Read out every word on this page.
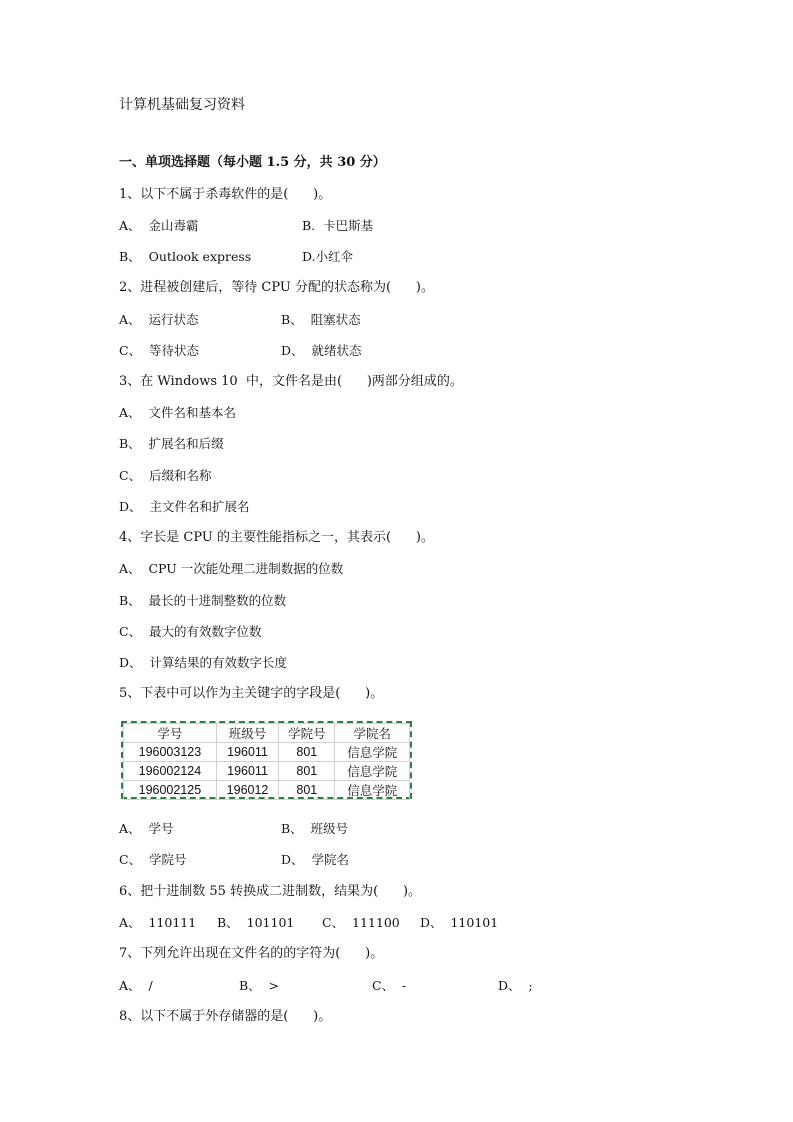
计算机基础复习资料
一、单项选择题（每小题 1.5 分，共 30 分）
1、以下不属于杀毒软件的是(      )。
A、  金山毒霸	B.  卡巴斯基
B、  Outlook express	D.小红伞
2、进程被创建后，等待 CPU 分配的状态称为(      )。
A、  运行状态	B、  阻塞状态
C、  等待状态	D、  就绪状态
3、在 Windows 10  中，文件名是由(      )两部分组成的。
A、  文件名和基本名
B、  扩展名和后缀
C、  后缀和名称
D、  主文件名和扩展名
4、字长是 CPU 的主要性能指标之一，其表示(      )。
A、  CPU 一次能处理二进制数据的位数
B、  最长的十进制整数的位数
C、  最大的有效数字位数
D、  计算结果的有效数字长度
5、下表中可以作为主关键字的字段是(      )。
学号	班级号	学院号	学院名
196003123	196011	801	信息学院
196002124	196011	801	信息学院
196002125	196012	801	信息学院
A、  学号	B、  班级号
C、  学院号	D、  学院名
6、把十进制数 55 转换成二进制数，结果为(      )。
A、  110111 B、  101101 C、  111100 D、  110101
7、下列允许出现在文件名的的字符为(      )。
A、  /	B、  >	C、  -	D、  ;
8、以下不属于外存储器的是(      )。
